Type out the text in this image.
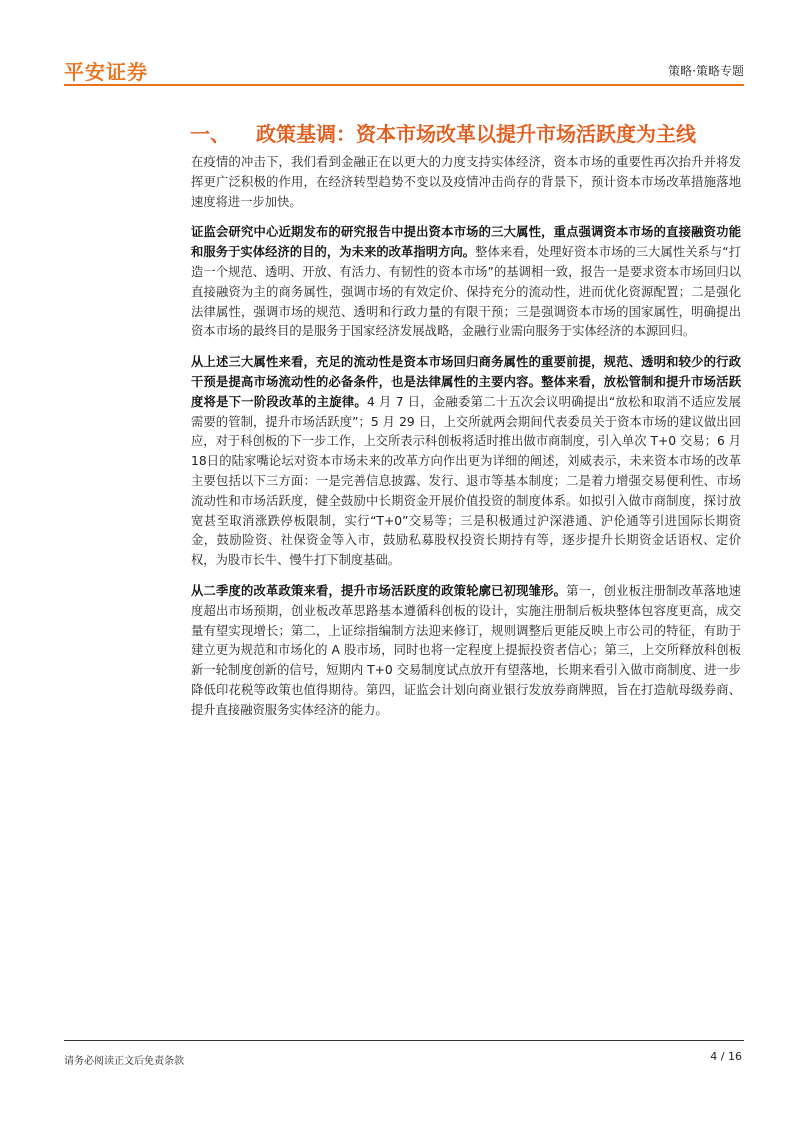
平安证券	策略·策略专题
一、 政策基调：资本市场改革以提升市场活跃度为主线

在疫情的冲击下，我们看到金融正在以更大的力度支持实体经济，资本市场的重要性再次抬升并将发挥更广泛积极的作用，在经济转型趋势不变以及疫情冲击尚存的背景下，预计资本市场改革措施落地速度将进一步加快。

证监会研究中心近期发布的研究报告中提出资本市场的三大属性，重点强调资本市场的直接融资功能和服务于实体经济的目的，为未来的改革指明方向。整体来看，处理好资本市场的三大属性关系与“打造一个规范、透明、开放、有活力、有韧性的资本市场”的基调相一致，报告一是要求资本市场回归以直接融资为主的商务属性，强调市场的有效定价、保持充分的流动性，进而优化资源配置；二是强化法律属性，强调市场的规范、透明和行政力量的有限干预；三是强调资本市场的国家属性，明确提出资本市场的最终目的是服务于国家经济发展战略，金融行业需向服务于实体经济的本源回归。

从上述三大属性来看，充足的流动性是资本市场回归商务属性的重要前提，规范、透明和较少的行政干预是提高市场流动性的必备条件，也是法律属性的主要内容。整体来看，放松管制和提升市场活跃度将是下一阶段改革的主旋律。4 月 7 日，金融委第二十五次会议明确提出“放松和取消不适应发展需要的管制，提升市场活跃度”；5 月 29 日，上交所就两会期间代表委员关于资本市场的建议做出回应，对于科创板的下一步工作，上交所表示科创板将适时推出做市商制度，引入单次 T+0 交易；6 月 18日的陆家嘴论坛对资本市场未来的改革方向作出更为详细的阐述，刘威表示，未来资本市场的改革主要包括以下三方面：一是完善信息披露、发行、退市等基本制度；二是着力增强交易便利性、市场流动性和市场活跃度，健全鼓励中长期资金开展价值投资的制度体系。如拟引入做市商制度，探讨放宽甚至取消涨跌停板限制，实行“T+0”交易等；三是积极通过沪深港通、沪伦通等引进国际长期资金，鼓励险资、社保资金等入市，鼓励私募股权投资长期持有等，逐步提升长期资金话语权、定价权，为股市长牛、慢牛打下制度基础。

从二季度的改革政策来看，提升市场活跃度的政策轮廓已初现雏形。第一，创业板注册制改革落地速度超出市场预期，创业板改革思路基本遵循科创板的设计，实施注册制后板块整体包容度更高，成交量有望实现增长；第二，上证综指编制方法迎来修订，规则调整后更能反映上市公司的特征，有助于建立更为规范和市场化的 A 股市场，同时也将一定程度上提振投资者信心；第三，上交所释放科创板新一轮制度创新的信号，短期内 T+0 交易制度试点放开有望落地，长期来看引入做市商制度、进一步降低印花税等政策也值得期待。第四，证监会计划向商业银行发放券商牌照，旨在打造航母级券商、提升直接融资服务实体经济的能力。

请务必阅读正文后免责条款	4 / 16
